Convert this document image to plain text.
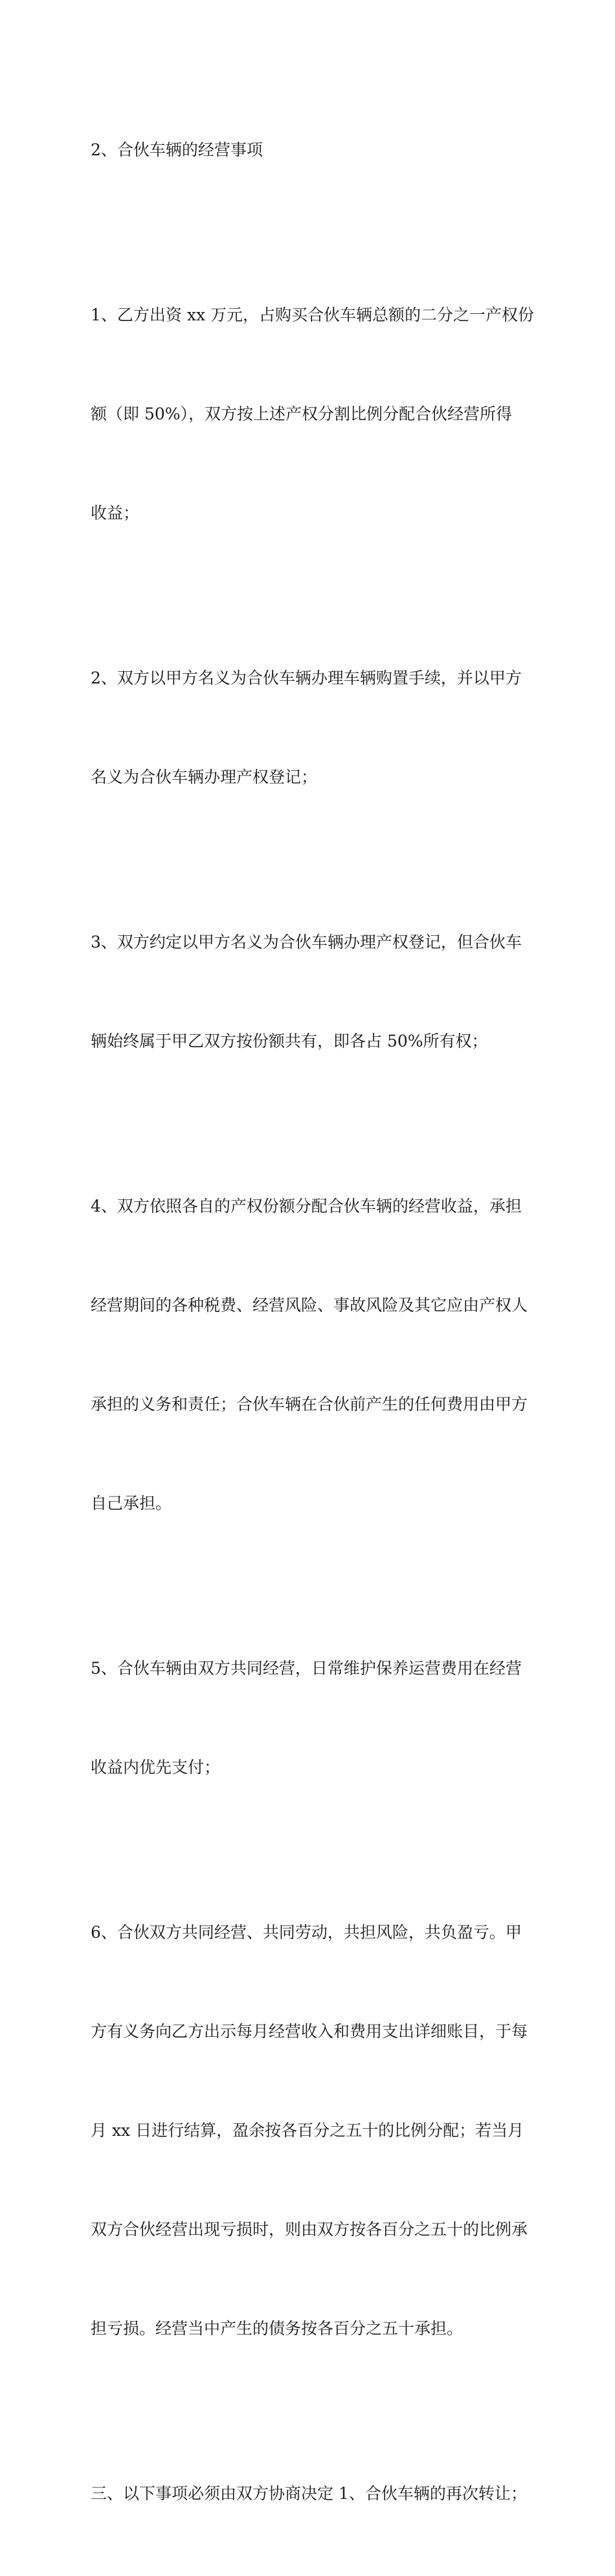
2、合伙车辆的经营事项

1、乙方出资 xx 万元，占购买合伙车辆总额的二分之一产权份

额（即 50%），双方按上述产权分割比例分配合伙经营所得

收益；

2、双方以甲方名义为合伙车辆办理车辆购置手续，并以甲方

名义为合伙车辆办理产权登记；

3、双方约定以甲方名义为合伙车辆办理产权登记，但合伙车

辆始终属于甲乙双方按份额共有，即各占 50%所有权；

4、双方依照各自的产权份额分配合伙车辆的经营收益，承担

经营期间的各种税费、经营风险、事故风险及其它应由产权人

承担的义务和责任；合伙车辆在合伙前产生的任何费用由甲方

自己承担。

5、合伙车辆由双方共同经营，日常维护保养运营费用在经营

收益内优先支付；

6、合伙双方共同经营、共同劳动，共担风险，共负盈亏。甲

方有义务向乙方出示每月经营收入和费用支出详细账目，于每

月 xx 日进行结算，盈余按各百分之五十的比例分配；若当月

双方合伙经营出现亏损时，则由双方按各百分之五十的比例承

担亏损。经营当中产生的债务按各百分之五十承担。

三、以下事项必须由双方协商决定 1、合伙车辆的再次转让；
